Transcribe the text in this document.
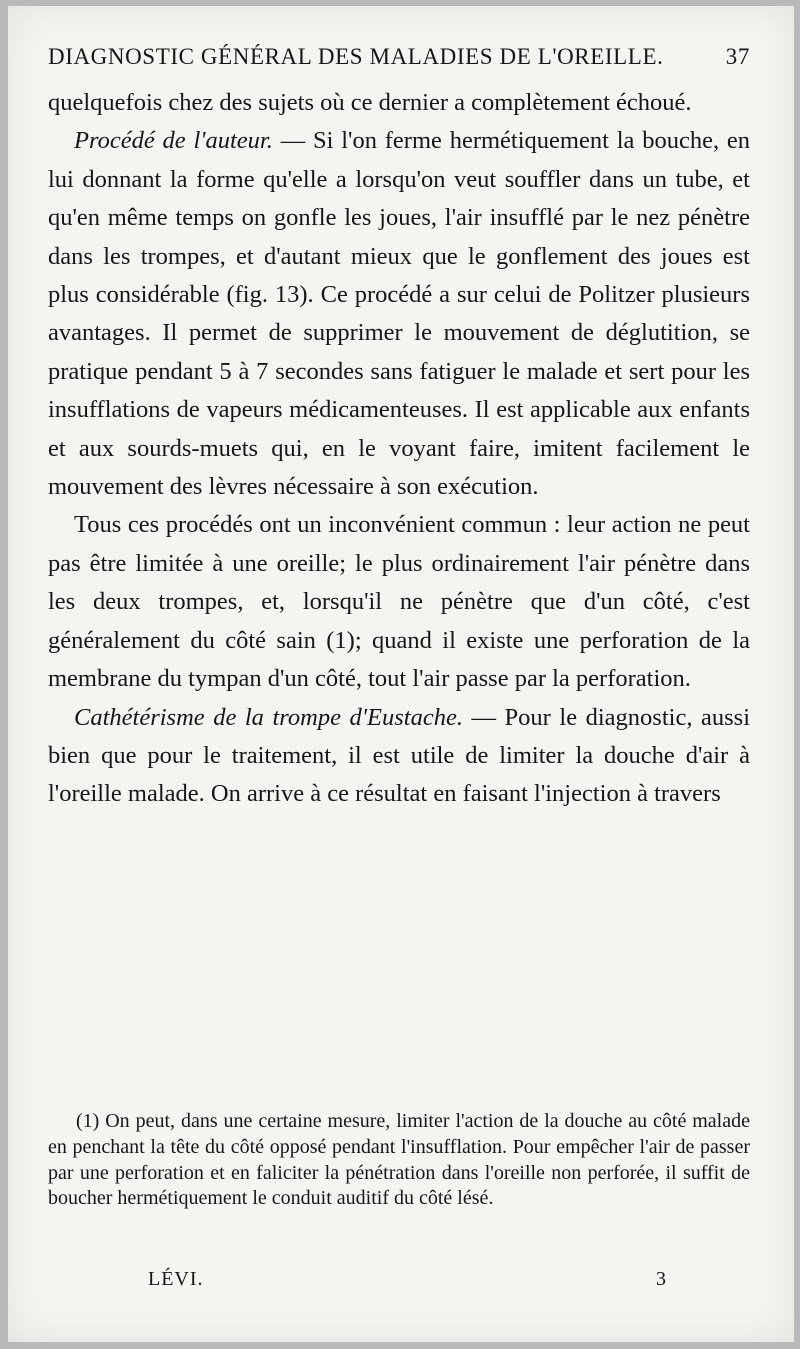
DIAGNOSTIC GÉNÉRAL DES MALADIES DE L'OREILLE.	37

quelquefois chez des sujets où ce dernier a complètement échoué.

Procédé de l'auteur. — Si l'on ferme hermétiquement la bouche, en lui donnant la forme qu'elle a lorsqu'on veut souffler dans un tube, et qu'en même temps on gonfle les joues, l'air insufflé par le nez pénètre dans les trompes, et d'autant mieux que le gonflement des joues est plus considérable (fig. 13). Ce procédé a sur celui de Politzer plusieurs avantages. Il permet de supprimer le mouvement de déglutition, se pratique pendant 5 à 7 secondes sans fatiguer le malade et sert pour les insufflations de vapeurs médicamenteuses. Il est applicable aux enfants et aux sourds-muets qui, en le voyant faire, imitent facilement le mouvement des lèvres nécessaire à son exécution.

Tous ces procédés ont un inconvénient commun : leur action ne peut pas être limitée à une oreille; le plus ordinairement l'air pénètre dans les deux trompes, et, lorsqu'il ne pénètre que d'un côté, c'est généralement du côté sain (1); quand il existe une perforation de la membrane du tympan d'un côté, tout l'air passe par la perforation.

Cathétérisme de la trompe d'Eustache. — Pour le diagnostic, aussi bien que pour le traitement, il est utile de limiter la douche d'air à l'oreille malade. On arrive à ce résultat en faisant l'injection à travers

(1) On peut, dans une certaine mesure, limiter l'action de la douche au côté malade en penchant la tête du côté opposé pendant l'insufflation. Pour empêcher l'air de passer par une perforation et en faliciter la pénétration dans l'oreille non perforée, il suffit de boucher hermétiquement le conduit auditif du côté lésé.

LÉVI.	3
